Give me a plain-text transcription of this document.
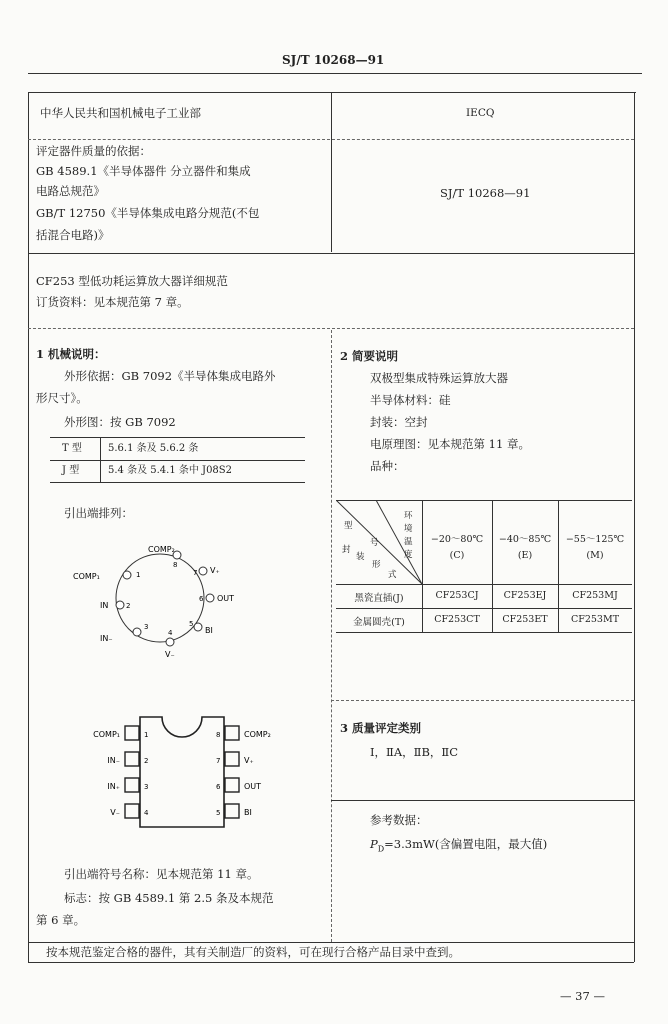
SJ/T 10268—91
中华人民共和国机械电子工业部	IECQ
评定器件质量的依据：
GB 4589.1《半导体器件 分立器件和集成
电路总规范》
GB/T 12750《半导体集成电路分规范(不包
括混合电路)》
SJ/T 10268—91
CF253 型低功耗运算放大器详细规范
订货资料：见本规范第 7 章。
1 机械说明：
外形依据：GB 7092《半导体集成电路外
形尺寸》。
外形图：按 GB 7092
T 型	5.6.1 条及 5.6.2 条
J 型	5.4 条及 5.4.1 条中 J08S2
引出端排列：
COMP₂
COMP₁
V₊
IN
OUT
IN₋
BI
V₋
1
2
3
4
5
6
7
8
COMP₁
IN₋
IN₊
V₋
COMP₂
V₊
OUT
BI
1
2
3
4
8
7
6
5
引出端符号名称：见本规范第 11 章。
标志：按 GB 4589.1 第 2.5 条及本规范
第 6 章。
2 简要说明
双极型集成特殊运算放大器
半导体材料：硅
封装：空封
电原理图：见本规范第 11 章。
品种：
型
号
环
境
温
度
封
装
形
式
−20～80℃	−40～85℃	−55～125℃
(C)	(E)	(M)
黑瓷直插(J)	CF253CJ	CF253EJ	CF253MJ
金属圆壳(T)	CF253CT	CF253ET	CF253MT
3 质量评定类别
Ⅰ，ⅡA，ⅡB，ⅡC
参考数据：
$P_D=3.3mW$(含偏置电阻，最大值)
按本规范鉴定合格的器件，其有关制造厂的资料，可在现行合格产品目录中查到。
— 37 —
